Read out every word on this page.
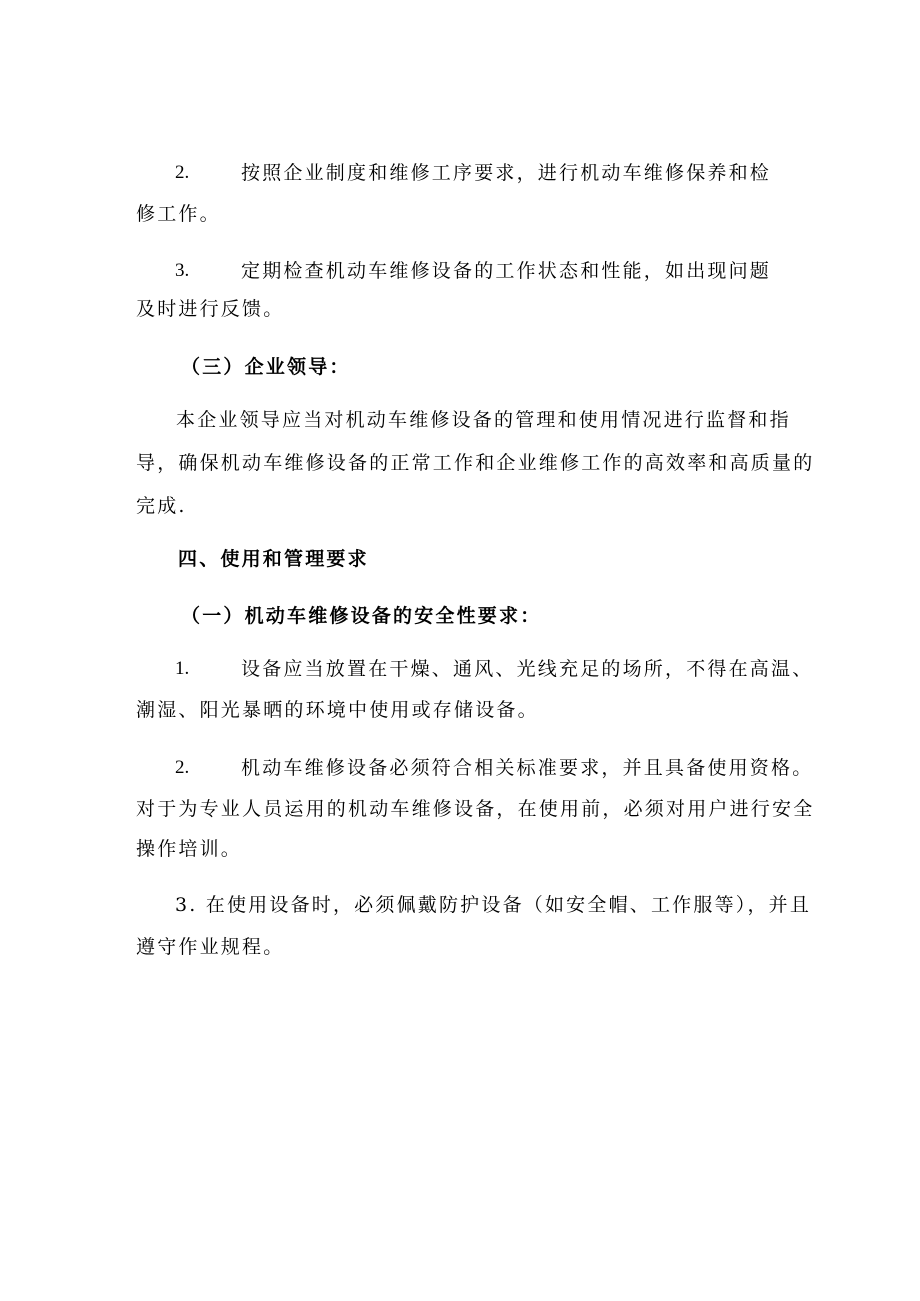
2.	按照企业制度和维修工序要求，进行机动车维修保养和检
修工作。
3.	定期检查机动车维修设备的工作状态和性能，如出现问题
及时进行反馈。
（三）企业领导：
本企业领导应当对机动车维修设备的管理和使用情况进行监督和指
导，确保机动车维修设备的正常工作和企业维修工作的高效率和高质量的
完成.
四、使用和管理要求
（一）机动车维修设备的安全性要求：
1.	设备应当放置在干燥、通风、光线充足的场所，不得在高温、
潮湿、阳光暴晒的环境中使用或存储设备。
2.	机动车维修设备必须符合相关标准要求，并且具备使用资格。
对于为专业人员运用的机动车维修设备，在使用前，必须对用户进行安全
操作培训。
3. 在使用设备时，必须佩戴防护设备（如安全帽、工作服等），并且
遵守作业规程。
